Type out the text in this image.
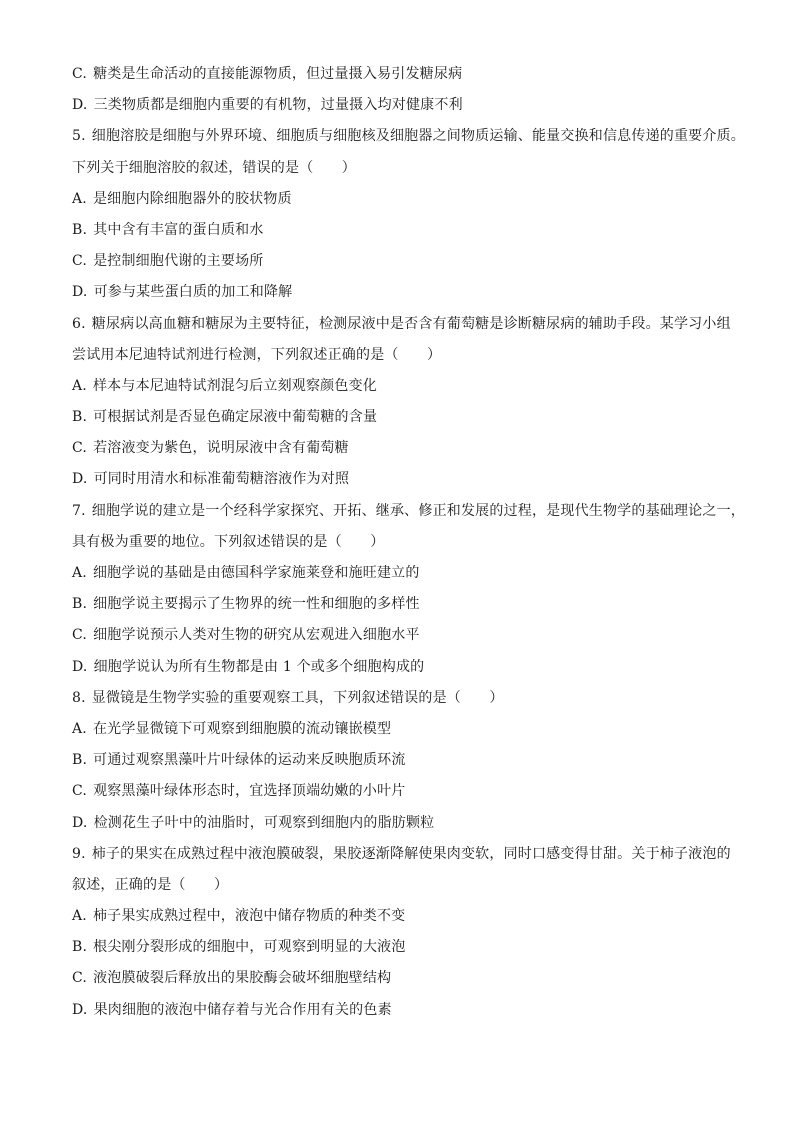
C. 糖类是生命活动的直接能源物质，但过量摄入易引发糖尿病
D. 三类物质都是细胞内重要的有机物，过量摄入均对健康不利
5. 细胞溶胶是细胞与外界环境、细胞质与细胞核及细胞器之间物质运输、能量交换和信息传递的重要介质。
下列关于细胞溶胶的叙述，错误的是（　　）
A. 是细胞内除细胞器外的胶状物质
B. 其中含有丰富的蛋白质和水
C. 是控制细胞代谢的主要场所
D. 可参与某些蛋白质的加工和降解
6. 糖尿病以高血糖和糖尿为主要特征，检测尿液中是否含有葡萄糖是诊断糖尿病的辅助手段。某学习小组
尝试用本尼迪特试剂进行检测，下列叙述正确的是（　　）
A. 样本与本尼迪特试剂混匀后立刻观察颜色变化
B. 可根据试剂是否显色确定尿液中葡萄糖的含量
C. 若溶液变为紫色，说明尿液中含有葡萄糖
D. 可同时用清水和标准葡萄糖溶液作为对照
7. 细胞学说的建立是一个经科学家探究、开拓、继承、修正和发展的过程，是现代生物学的基础理论之一，
具有极为重要的地位。下列叙述错误的是（　　）
A. 细胞学说的基础是由德国科学家施莱登和施旺建立的
B. 细胞学说主要揭示了生物界的统一性和细胞的多样性
C. 细胞学说预示人类对生物的研究从宏观进入细胞水平
D. 细胞学说认为所有生物都是由 1 个或多个细胞构成的
8. 显微镜是生物学实验的重要观察工具，下列叙述错误的是（　　）
A. 在光学显微镜下可观察到细胞膜的流动镶嵌模型
B. 可通过观察黑藻叶片叶绿体的运动来反映胞质环流
C. 观察黑藻叶绿体形态时，宜选择顶端幼嫩的小叶片
D. 检测花生子叶中的油脂时，可观察到细胞内的脂肪颗粒
9. 柿子的果实在成熟过程中液泡膜破裂，果胶逐渐降解使果肉变软，同时口感变得甘甜。关于柿子液泡的
叙述，正确的是（　　）
A. 柿子果实成熟过程中，液泡中储存物质的种类不变
B. 根尖刚分裂形成的细胞中，可观察到明显的大液泡
C. 液泡膜破裂后释放出的果胶酶会破坏细胞壁结构
D. 果肉细胞的液泡中储存着与光合作用有关的色素
